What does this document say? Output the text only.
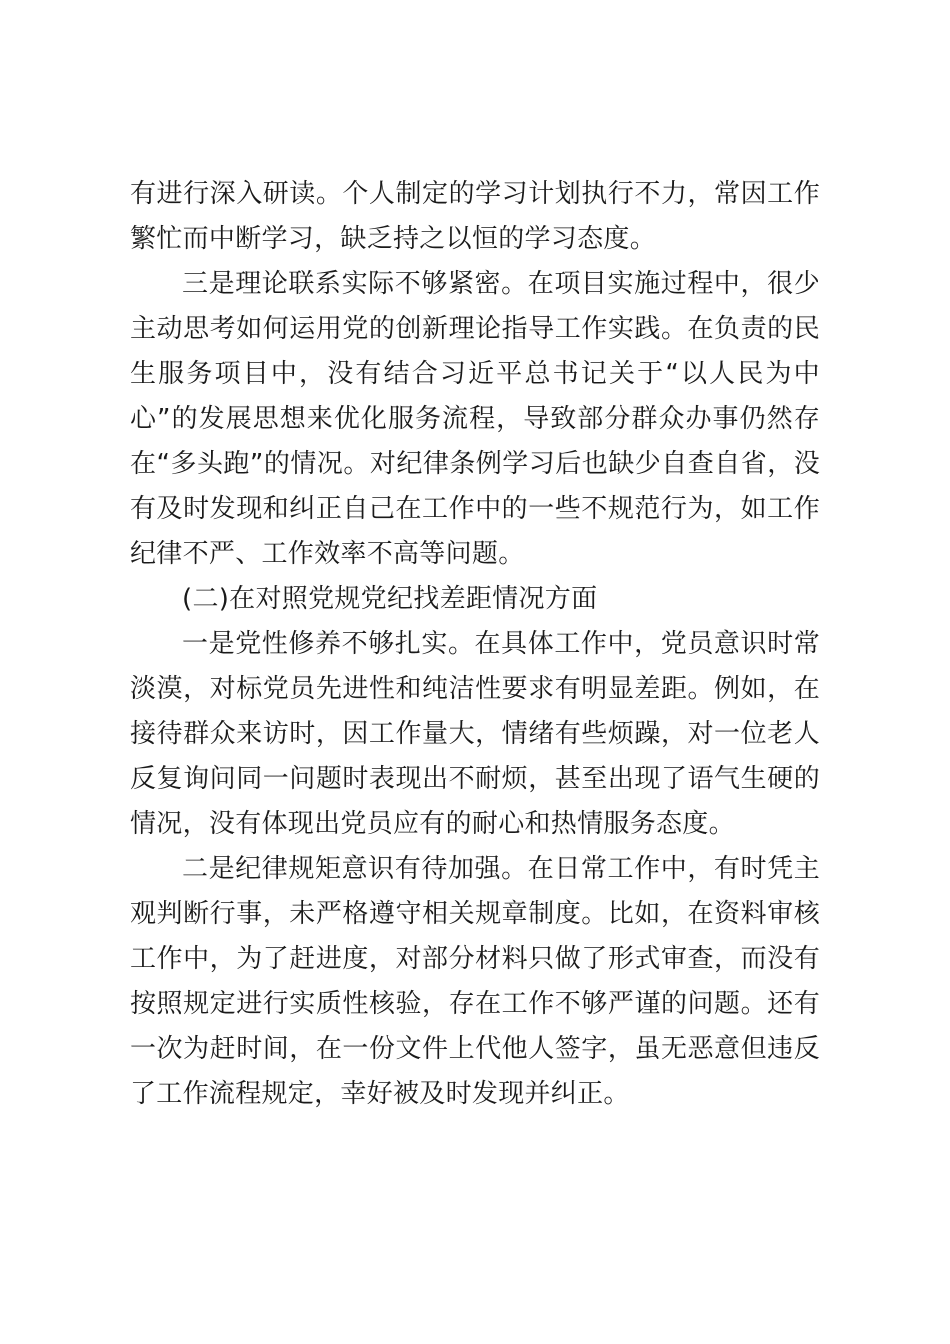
有进行深入研读。个人制定的学习计划执行不力，常因工作繁忙而中断学习，缺乏持之以恒的学习态度。

三是理论联系实际不够紧密。在项目实施过程中，很少主动思考如何运用党的创新理论指导工作实践。在负责的民生服务项目中，没有结合习近平总书记关于“以人民为中心”的发展思想来优化服务流程，导致部分群众办事仍然存在“多头跑”的情况。对纪律条例学习后也缺少自查自省，没有及时发现和纠正自己在工作中的一些不规范行为，如工作纪律不严、工作效率不高等问题。

(二)在对照党规党纪找差距情况方面

一是党性修养不够扎实。在具体工作中，党员意识时常淡漠，对标党员先进性和纯洁性要求有明显差距。例如，在接待群众来访时，因工作量大，情绪有些烦躁，对一位老人反复询问同一问题时表现出不耐烦，甚至出现了语气生硬的情况，没有体现出党员应有的耐心和热情服务态度。

二是纪律规矩意识有待加强。在日常工作中，有时凭主观判断行事，未严格遵守相关规章制度。比如，在资料审核工作中，为了赶进度，对部分材料只做了形式审查，而没有按照规定进行实质性核验，存在工作不够严谨的问题。还有一次为赶时间，在一份文件上代他人签字，虽无恶意但违反了工作流程规定，幸好被及时发现并纠正。
